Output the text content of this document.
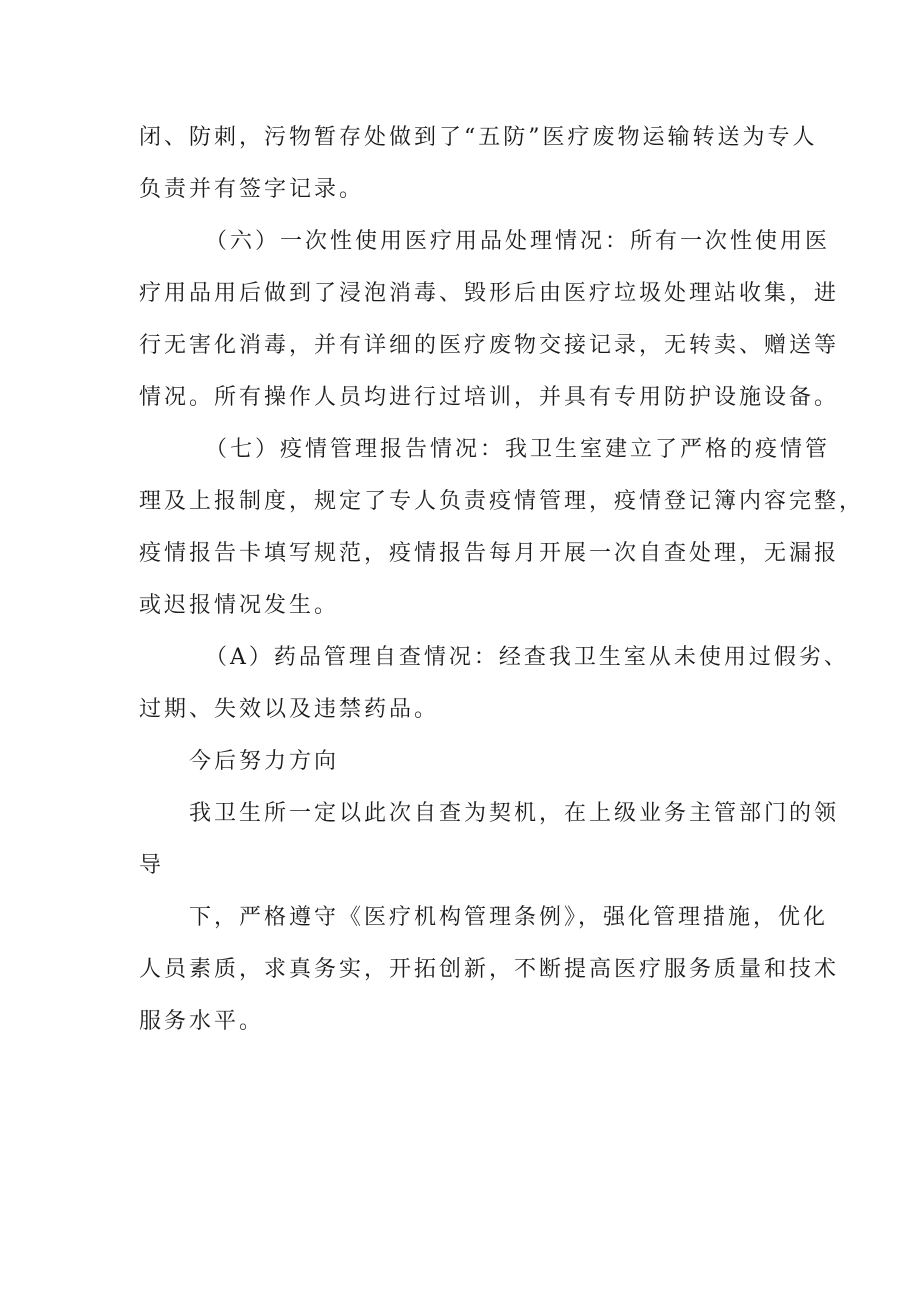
闭、防刺，污物暂存处做到了“五防”医疗废物运输转送为专人
负责并有签字记录。
（六）一次性使用医疗用品处理情况：所有一次性使用医
疗用品用后做到了浸泡消毒、毁形后由医疗垃圾处理站收集，进
行无害化消毒，并有详细的医疗废物交接记录，无转卖、赠送等
情况。所有操作人员均进行过培训，并具有专用防护设施设备。
（七）疫情管理报告情况：我卫生室建立了严格的疫情管
理及上报制度，规定了专人负责疫情管理，疫情登记簿内容完整，
疫情报告卡填写规范，疫情报告每月开展一次自查处理，无漏报
或迟报情况发生。
（A）药品管理自查情况：经查我卫生室从未使用过假劣、
过期、失效以及违禁药品。
今后努力方向
我卫生所一定以此次自查为契机，在上级业务主管部门的领
导
下，严格遵守《医疗机构管理条例》，强化管理措施，优化
人员素质，求真务实，开拓创新，不断提高医疗服务质量和技术
服务水平。
